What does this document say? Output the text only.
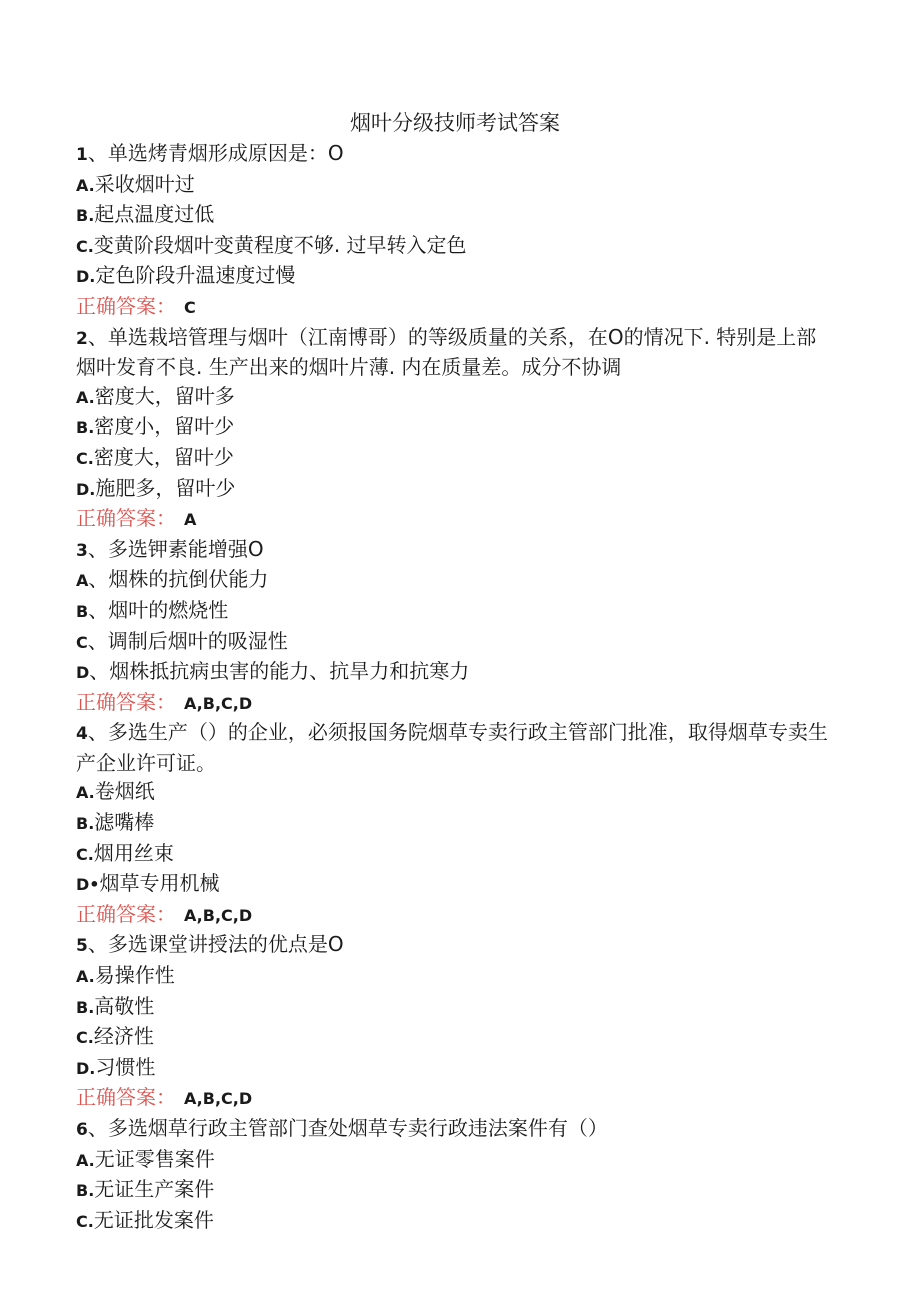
烟叶分级技师考试答案
1、单选烤青烟形成原因是：O
A.采收烟叶过
B.起点温度过低
C.变黄阶段烟叶变黄程度不够. 过早转入定色
D.定色阶段升温速度过慢
正确答案： C
2、单选栽培管理与烟叶（江南博哥）的等级质量的关系，在O的情况下. 特别是上部烟叶发育不良. 生产出来的烟叶片薄. 内在质量差。成分不协调
A.密度大，留叶多
B.密度小，留叶少
C.密度大，留叶少
D.施肥多，留叶少
正确答案： A
3、多选钾素能增强O
A、烟株的抗倒伏能力
B、烟叶的燃烧性
C、调制后烟叶的吸湿性
D、烟株抵抗病虫害的能力、抗旱力和抗寒力
正确答案： A,B,C,D
4、多选生产（）的企业，必须报国务院烟草专卖行政主管部门批准，取得烟草专卖生产企业许可证。
A.卷烟纸
B.滤嘴棒
C.烟用丝束
D•烟草专用机械
正确答案： A,B,C,D
5、多选课堂讲授法的优点是O
A.易操作性
B.高敬性
C.经济性
D.习惯性
正确答案： A,B,C,D
6、多选烟草行政主管部门查处烟草专卖行政违法案件有（）
A.无证零售案件
B.无证生产案件
C.无证批发案件
